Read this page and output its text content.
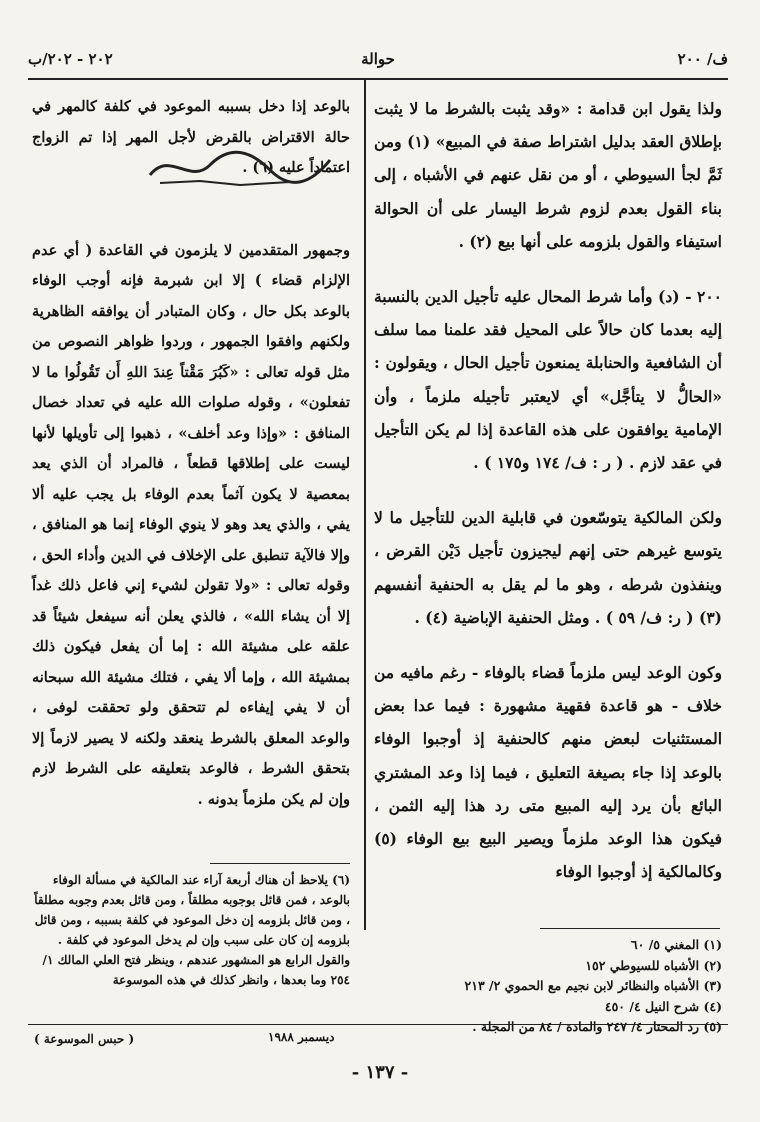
ف/ ٢٠٠
حوالة
٢٠٢ - ٢٠٢/ب

ولذا يقول ابن قدامة : «وقد يثبت بالشرط ما لا يثبت بإطلاق العقد بدليل اشتراط صفة في المبيع» (١) ومن ثَمَّ لجأ السيوطي ، أو من نقل عنهم في الأشباه ، إلى بناء القول بعدم لزوم شرط اليسار على أن الحوالة استيفاء والقول بلزومه على أنها بيع (٢) .

٢٠٠ - (د) وأما شرط المحال عليه تأجيل الدين بالنسبة إليه بعدما كان حالاً على المحيل فقد علمنا مما سلف أن الشافعية والحنابلة يمنعون تأجيل الحال ، ويقولون : «الحالُّ لا يتأجَّل» أي لايعتبر تأجيله ملزماً ، وأن الإمامية يوافقون على هذه القاعدة إذا لم يكن التأجيل في عقد لازم . ( ر : ف/ ١٧٤ و١٧٥ ) .

ولكن المالكية يتوسّعون في قابلية الدين للتأجيل ما لا يتوسع غيرهم حتى إنهم ليجيزون تأجيل دَيْن القرض ، وينفذون شرطه ، وهو ما لم يقل به الحنفية أنفسهم (٣) ( ر: ف/ ٥٩ ) . ومثل الحنفية الإباضية (٤) .

وكون الوعد ليس ملزماً قضاء بالوفاء - رغم مافيه من خلاف - هو قاعدة فقهية مشهورة : فيما عدا بعض المستثنيات لبعض منهم كالحنفية إذ أوجبوا الوفاء بالوعد إذا جاء بصيغة التعليق ، فيما إذا وعد المشتري البائع بأن يرد إليه المبيع متى رد هذا إليه الثمن ، فيكون هذا الوعد ملزماً ويصير البيع بيع الوفاء (٥) وكالمالكية إذ أوجبوا الوفاء

(١) المغني ٥/ ٦٠
(٢) الأشباه للسيوطي ١٥٢
(٣) الأشباه والنظائر لابن نجيم مع الحموي ٢/ ٢١٣
(٤) شرح النيل ٤/ ٤٥٠
(٥) رد المحتار ٤/ ٢٤٧ والمادة / ٨٤ من المجلة .

بالوعد إذا دخل بسببه الموعود في كلفة كالمهر في حالة الاقتراض بالقرض لأجل المهر إذا تم الزواج اعتماداً عليه (٦) .

وجمهور المتقدمين لا يلزمون في القاعدة ( أي عدم الإلزام قضاء ) إلا ابن شبرمة فإنه أوجب الوفاء بالوعد بكل حال ، وكان المتبادر أن يوافقه الظاهرية ولكنهم وافقوا الجمهور ، وردوا ظواهر النصوص من مثل قوله تعالى : «كَبُرَ مَقْتاً عِندَ اللهِ أَن تَقُولُوا ما لا تفعلون» ، وقوله صلوات الله عليه في تعداد خصال المنافق : «وإذا وعد أخلف» ، ذهبوا إلى تأويلها لأنها ليست على إطلاقها قطعاً ، فالمراد أن الذي يعد بمعصية لا يكون آثماً بعدم الوفاء بل يجب عليه ألا يفي ، والذي يعد وهو لا ينوي الوفاء إنما هو المنافق ، وإلا فالآية تنطبق على الإخلاف في الدين وأداء الحق ، وقوله تعالى : «ولا تقولن لشيء إني فاعل ذلك غداً إلا أن يشاء الله» ، فالذي يعلن أنه سيفعل شيئاً قد علقه على مشيئة الله : إما أن يفعل فيكون ذلك بمشيئة الله ، وإما ألا يفي ، فتلك مشيئة الله سبحانه أن لا يفي إيفاءه لم تتحقق ولو تحققت لوفى ، والوعد المعلق بالشرط ينعقد ولكنه لا يصير لازماً إلا بتحقق الشرط ، فالوعد بتعليقه على الشرط لازم وإن لم يكن ملزماً بدونه .

(٦) يلاحظ أن هناك أربعة آراء عند المالكية في مسألة الوفاء بالوعد ، فمن قائل بوجوبه مطلقاً ، ومن قائل بعدم وجوبه مطلقاً ، ومن قائل بلزومه إن دخل الموعود في كلفة بسببه ، ومن قائل بلزومه إن كان على سبب وإن لم يدخل الموعود في كلفة . والقول الرابع هو المشهور عندهم ، وينظر فتح العلي المالك ١/ ٢٥٤ وما بعدها ، وانظر كذلك في هذه الموسوعة
( حبس الموسوعة )	ديسمبر ١٩٨٨
- ١٣٧ -
